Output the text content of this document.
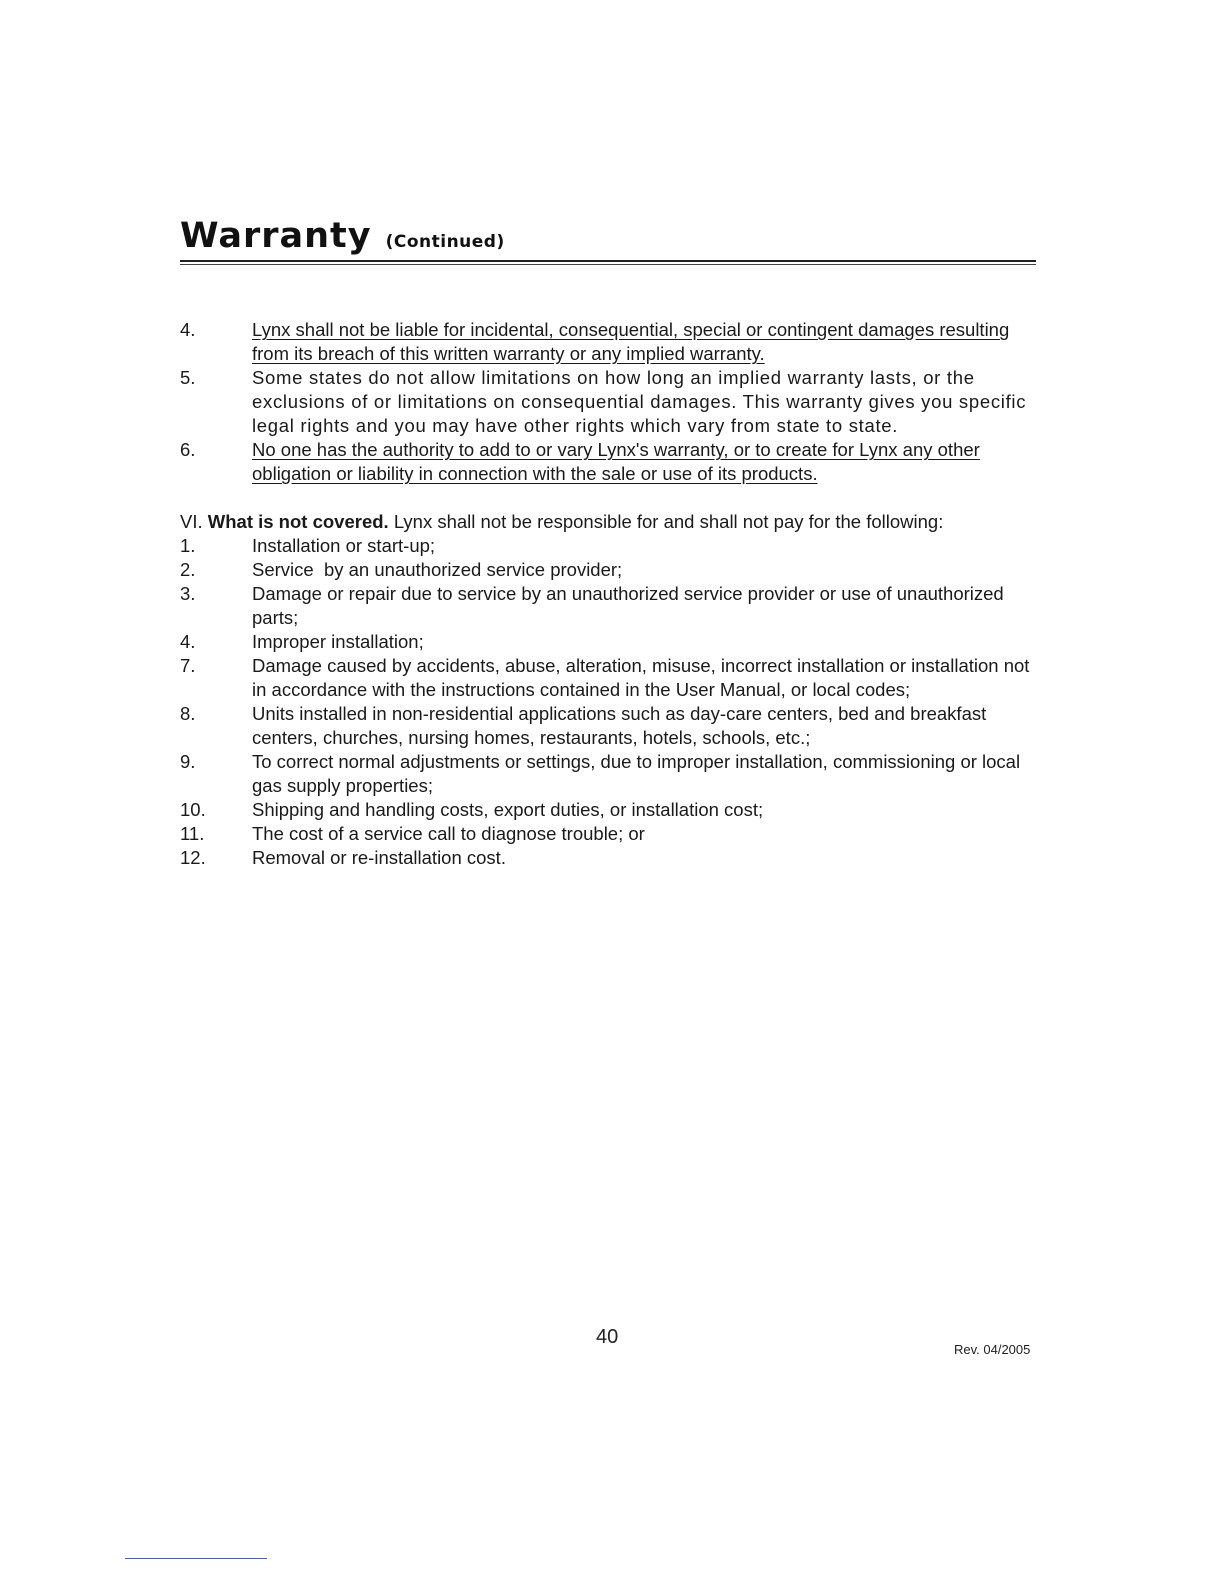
Warranty (Continued)
4.	Lynx shall not be liable for incidental, consequential, special or contingent damages resulting from its breach of this written warranty or any implied warranty.
5.	Some states do not allow limitations on how long an implied warranty lasts, or the exclusions of or limitations on consequential damages. This warranty gives you specific legal rights and you may have other rights which vary from state to state.
6.	No one has the authority to add to or vary Lynx's warranty, or to create for Lynx any other obligation or liability in connection with the sale or use of its products.
VI. What is not covered. Lynx shall not be responsible for and shall not pay for the following:
1.	Installation or start-up;
2.	Service  by an unauthorized service provider;
3.	Damage or repair due to service by an unauthorized service provider or use of unauthorized parts;
4.	Improper installation;
7.	Damage caused by accidents, abuse, alteration, misuse, incorrect installation or installation not in accordance with the instructions contained in the User Manual, or local codes;
8.	Units installed in non-residential applications such as day-care centers, bed and breakfast centers, churches, nursing homes, restaurants, hotels, schools, etc.;
9.	To correct normal adjustments or settings, due to improper installation, commissioning or local gas supply properties;
10.	Shipping and handling costs, export duties, or installation cost;
11.	The cost of a service call to diagnose trouble; or
12.	Removal or re-installation cost.
40
Rev. 04/2005
